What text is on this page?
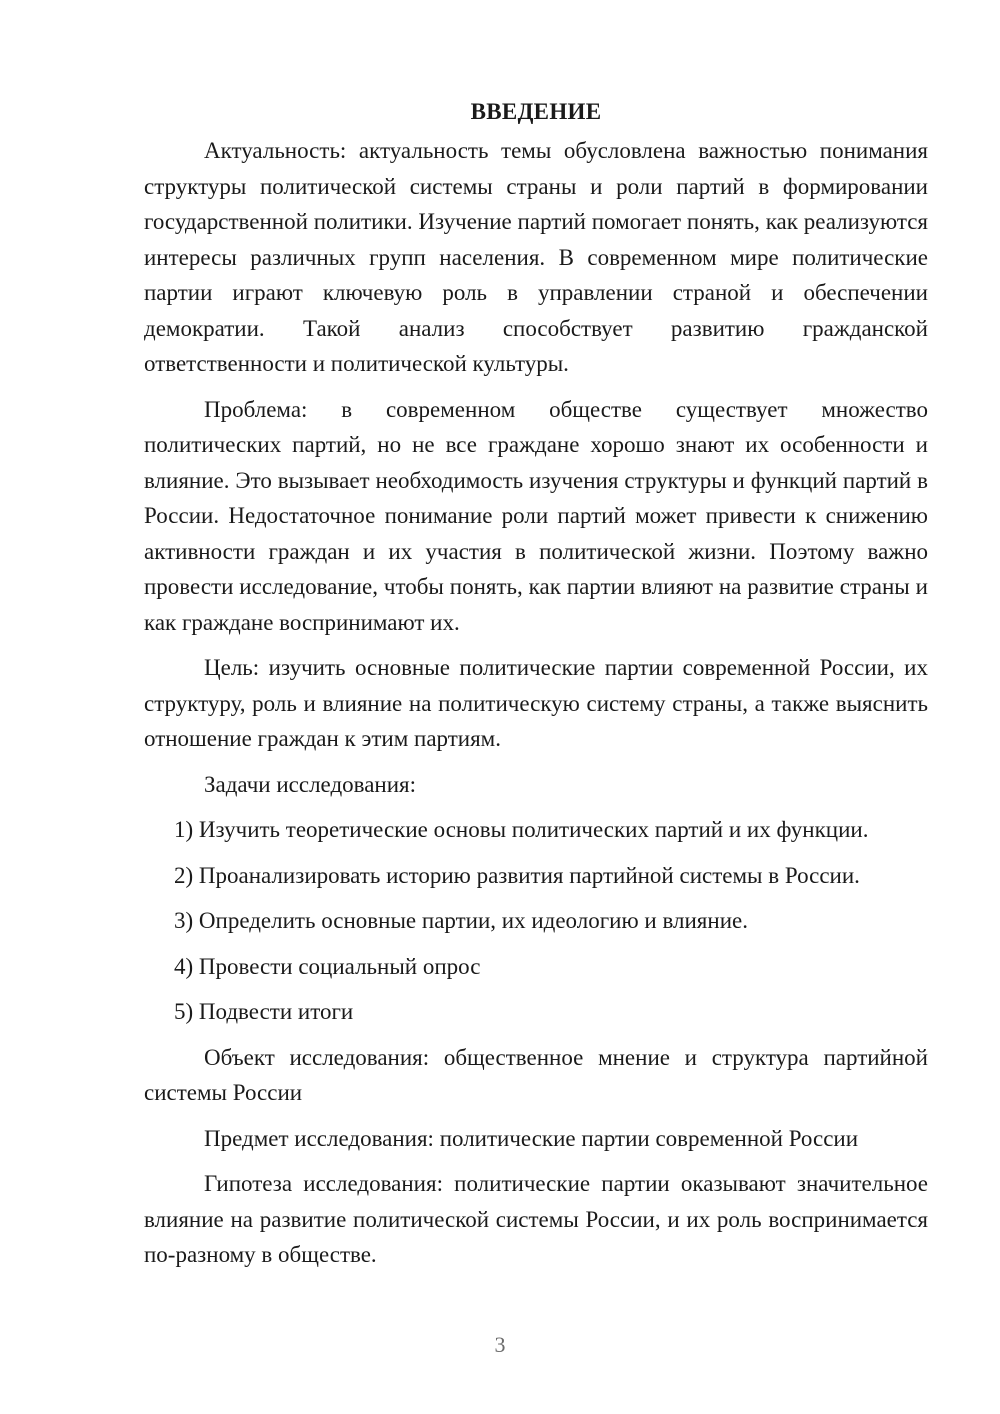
ВВЕДЕНИЕ

Актуальность: актуальность темы обусловлена важностью понимания структуры политической системы страны и роли партий в формировании государственной политики. Изучение партий помогает понять, как реализуются интересы различных групп населения. В современном мире политические партии играют ключевую роль в управлении страной и обеспечении демократии. Такой анализ способствует развитию гражданской ответственности и политической культуры.

Проблема: в современном обществе существует множество политических партий, но не все граждане хорошо знают их особенности и влияние. Это вызывает необходимость изучения структуры и функций партий в России. Недостаточное понимание роли партий может привести к снижению активности граждан и их участия в политической жизни. Поэтому важно провести исследование, чтобы понять, как партии влияют на развитие страны и как граждане воспринимают их.

Цель: изучить основные политические партии современной России, их структуру, роль и влияние на политическую систему страны, а также выяснить отношение граждан к этим партиям.

Задачи исследования:

1) Изучить теоретические основы политических партий и их функции.

2) Проанализировать историю развития партийной системы в России.

3) Определить основные партии, их идеологию и влияние.

4) Провести социальный опрос

5) Подвести итоги

Объект исследования: общественное мнение и структура партийной системы России

Предмет исследования: политические партии современной России

Гипотеза исследования: политические партии оказывают значительное влияние на развитие политической системы России, и их роль воспринимается по-разному в обществе.

3
